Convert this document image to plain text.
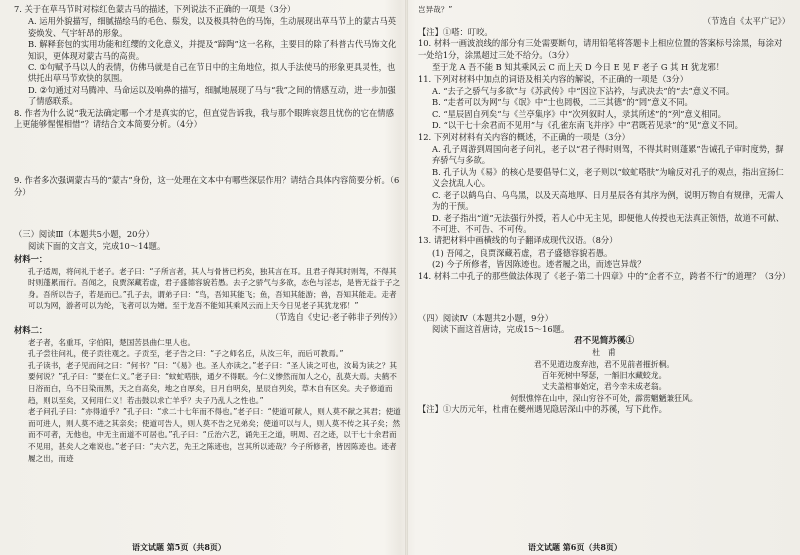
7. 关于在草马节时对棕红色蒙古马的描述，下列说法不正确的一项是（3分）

A. 运用外貌描写，细腻描绘马的毛色、鬃发，以及极具特色的马饰，生动展现出草马节上的蒙古马英姿焕发、气宇轩昂的形象。

B. 解释套包的实用功能和红缨的文化意义，并提及“蹄陶”这一名称，主要目的除了科普古代马饰文化知识，更体现对蒙古马的高贵。

C. ①句赋予马以人的表情，仿佛马就是自己在节日中的主角地位，拟人手法使马的形象更具灵性，也烘托出草马节欢快的氛围。

D. ②句通过对马腾冲、马命运以及响鼻的描写，细腻地展现了马与“我”之间的情感互动，进一步加强了情感联系。

8. 作者为什么说“我无法确定哪一个才是真实的它，但直觉告诉我，我与那个眼眸哀怨且忧伤的它在情感上更能够惺惺相惜”？请结合文本简要分析。（4分）

9. 作者多次强调蒙古马的“蒙古”身份，这一处理在文本中有哪些深层作用？请结合具体内容简要分析。（6分）

（三）阅读Ⅲ（本题共5小题，20分）

阅读下面的文言文，完成10～14题。

材料一：

孔子适周，将问礼于老子。老子曰：“子所言者，其人与骨皆已朽矣，独其言在耳。且君子得其时则驾，不得其时则蓬累而行。吾闻之，良贾深藏若虚，君子盛德容貌若愚。去子之骄气与多欲，态色与淫志，是皆无益于子之身。吾所以告子，若是而已。”孔子去，谓弟子曰：“鸟，吾知其能飞；鱼，吾知其能游；兽，吾知其能走。走者可以为网，游者可以为纶，飞者可以为矰。至于龙吾不能知其乘风云而上天今日见老子其犹龙邪！”

（节选自《史记·老子韩非子列传》）

材料二：

老子者，名重耳，字伯阳，楚国苦县曲仁里人也。

孔子尝往问礼，使子贡往观之。子贡至，老子告之曰：“子之师名丘，从汝三年，而后可教焉。”

孔子读书，老子见而问之曰：“何书？”曰：“《易》也。圣人亦读之。”老子曰：“圣人读之可也，汝曷为读之？其要何说？”孔子曰：“要在仁义。”老子曰：“蚊虻嗒肤，通夕不得眠。今仁义惨然而加人之心，乱莫大焉。夫鹤不日浴而白，乌不日染而黑，天之自高矣，地之自厚矣，日月自明矣，星辰自列矣，草木自有区矣。夫子修道而趋，则以至矣，又何用仁义！若击鼓以求亡羊乎？夫子乃乱人之性也。”

老子问孔子曰：“亦得道乎？”孔子曰：“求二十七年而不得也。”老子曰：“使道可献人，则人莫不献之其君；使道而可进人，则人莫不进之其亲矣；使道可告人，则人莫不告之兄弟矣；使道可以与人，则人莫不传之其子矣；然而不可者，无他也，中无主而道不可居也。”孔子曰：“丘治六艺，诵先王之道，明周、召之迹，以干七十余君而不见用，甚矣人之难说也。”老子曰：“夫六艺，先王之陈迹也，岂其所以迹哉？今子所修者，皆因陈迹也。迹者履之出，而迹

语文试题 第5页（共8页）

岂异哉？”

（节选自《太平广记》）

【注】①嗒：叮咬。

10. 材料一画波浪线的部分有三处需要断句，请用铅笔将答题卡上相应位置的答案标号涂黑，每涂对一处给1分，涂黑超过三处不给分。（3分）

至于龙 A 吾不能 B 知其乘风云 C 而上天 D 今日 E 见 F 老子 G 其 H 犹龙邪！

11. 下列对材料中加点的词语及相关内容的解说，不正确的一项是（3分）

A. “去子之骄气与多欲”与《苏武传》中“因泣下沾衿，与武决去”的“去”意义不同。

B. “走者可以为网”与《氓》中“士也罔极，二三其德”的“罔”意义不同。

C. “星辰固自列矣”与《兰亭集序》中“次列叙时人，录其所述”的“列”意义相同。

D. “以干七十余君而不见用”与《孔雀东南飞并序》中“君既若见录”的“见”意义不同。

12. 下列对材料有关内容的概述，不正确的一项是（3分）

A. 孔子周游到周国向老子问礼，老子以“君子得时则驾，不得其时则蓬累”告诫孔子审时度势，摒弃骄气与多欲。

B. 孔子认为《易》的核心是要倡导仁义，老子则以“蚊虻嗒肤”为喻反对孔子的观点，指出宣扬仁义会扰乱人心。

C. 老子以鹤鸟白、乌鸟黑，以及天高地厚、日月星辰各有其序为例，说明万物自有规律，无需人为的干预。

D. 老子指出“道”无法强行外授，若人心中无主见，即便他人传授也无法真正领悟，故道不可献、不可进、不可告、不可传。

13. 请把材料中画横线的句子翻译成现代汉语。（8分）

(1) 吾闻之，良贾深藏若虚，君子盛德容貌若愚。

(2) 今子所修者，皆因陈迹也。迹者履之出，而迹岂异哉？

14. 材料二中孔子的那些做法体现了《老子·第二十四章》中的“企者不立，跨者不行”的道理？（3分）

（四）阅读Ⅳ（本题共2小题，9分）

阅读下面这首唐诗，完成15～16题。

君不见简苏徯①

杜　甫

君不见道边废弃池，君不见前者摧折桐。

百年死树中琴瑟，一斛旧水藏蛟龙。

丈夫盖棺事始定，君今幸未成老翁。

何恨憔悴在山中，深山穷谷不可处，霹雳魍魉兼狂风。

【注】①大历元年，杜甫在夔州遇见隐居深山中的苏徯，写下此作。

语文试题 第6页（共8页）
